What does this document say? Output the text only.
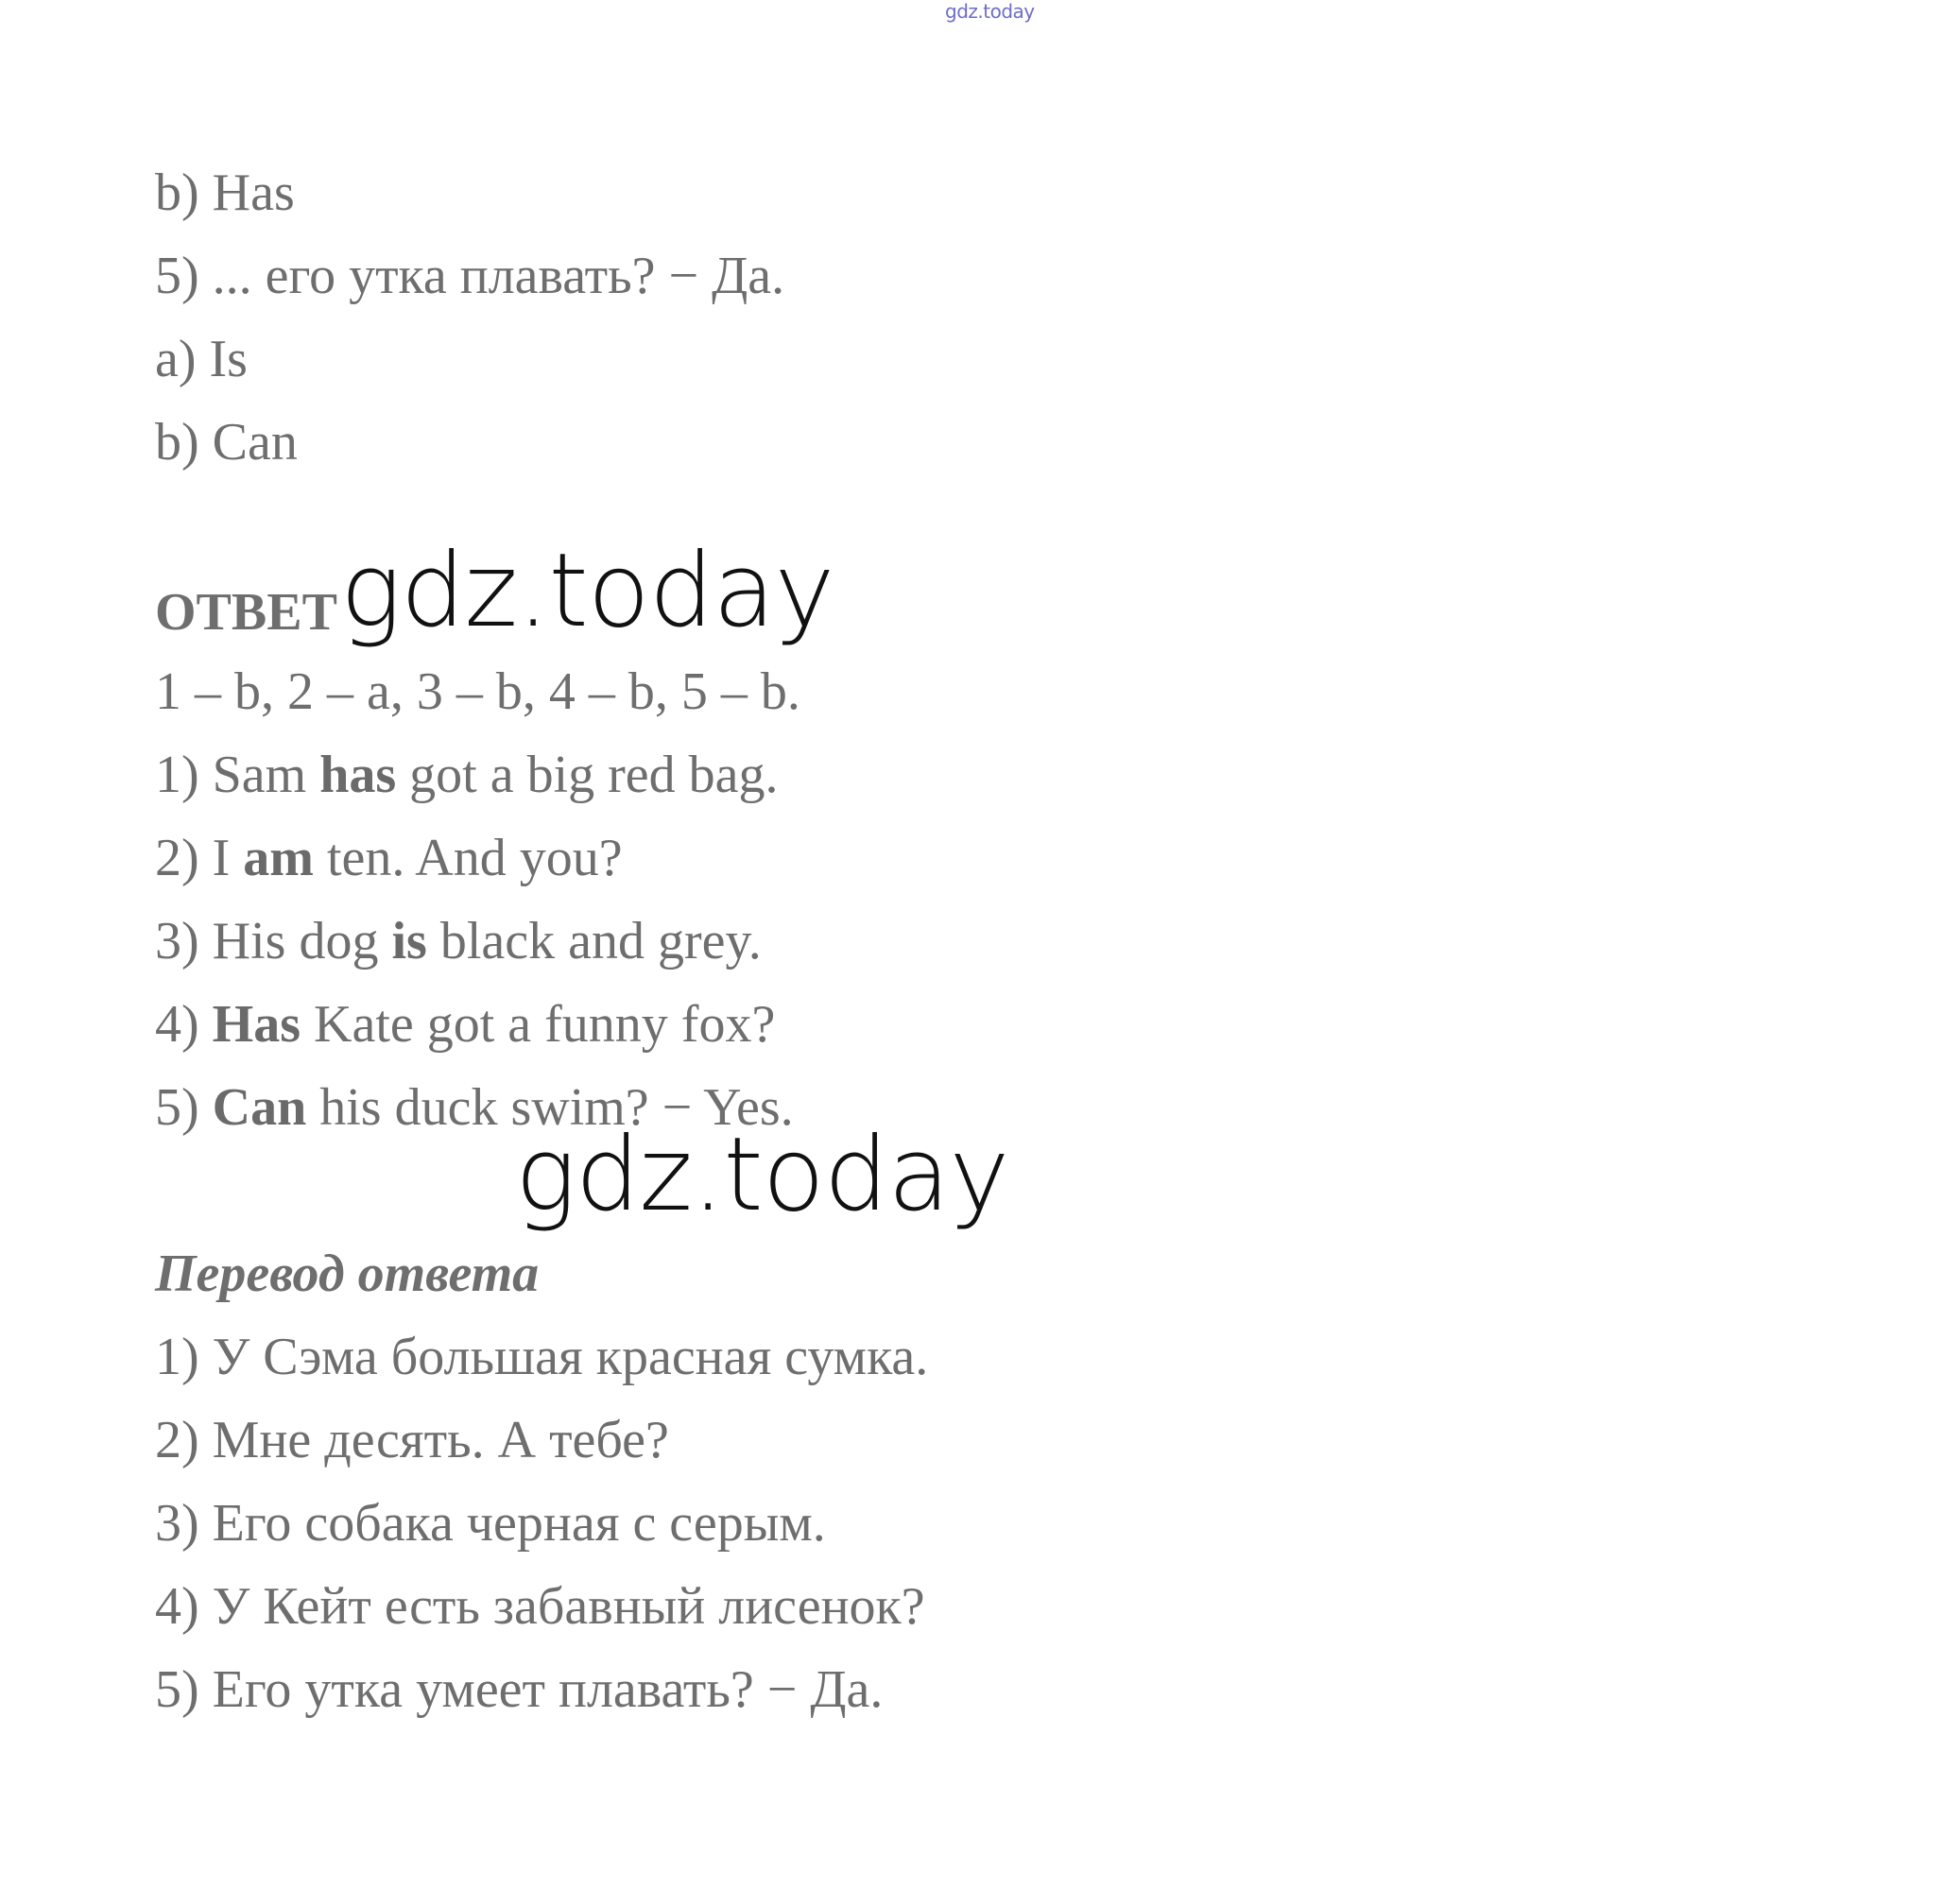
gdz.today
b) Has
5) ... его утка плавать? − Да.
a) Is
b) Can
ОТВЕТ gdz.today
1 – b, 2 – a, 3 – b, 4 – b, 5 – b.
1) Sam has got a big red bag.
2) I am ten. And you?
3) His dog is black and grey.
4) Has Kate got a funny fox?
5) Can his duck swim? − Yes.
gdz.today
Перевод ответа
1) У Сэма большая красная сумка.
2) Мне десять. А тебе?
3) Его собака черная с серым.
4) У Кейт есть забавный лисенок?
5) Его утка умеет плавать? − Да.
